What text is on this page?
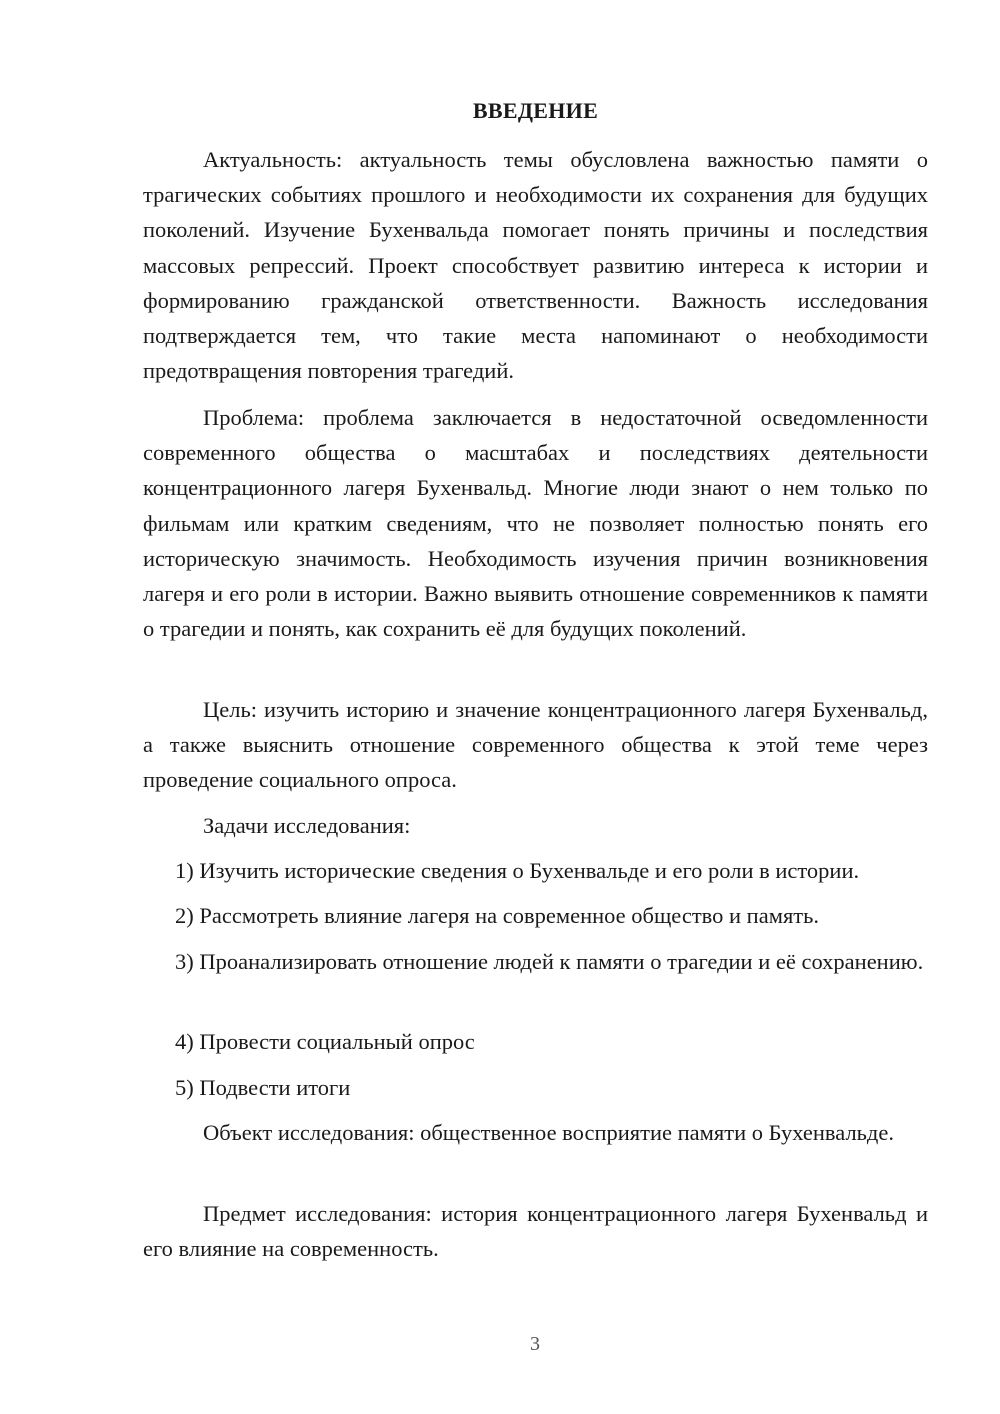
ВВЕДЕНИЕ

Актуальность: актуальность темы обусловлена важностью памяти о трагических событиях прошлого и необходимости их сохранения для будущих поколений. Изучение Бухенвальда помогает понять причины и последствия массовых репрессий. Проект способствует развитию интереса к истории и формированию гражданской ответственности. Важность исследования подтверждается тем, что такие места напоминают о необходимости предотвращения повторения трагедий.

Проблема: проблема заключается в недостаточной осведомленности современного общества о масштабах и последствиях деятельности концентрационного лагеря Бухенвальд. Многие люди знают о нем только по фильмам или кратким сведениям, что не позволяет полностью понять его историческую значимость. Необходимость изучения причин возникновения лагеря и его роли в истории. Важно выявить отношение современников к памяти о трагедии и понять, как сохранить её для будущих поколений.

Цель: изучить историю и значение концентрационного лагеря Бухенвальд, а также выяснить отношение современного общества к этой теме через проведение социального опроса.

Задачи исследования:

1) Изучить исторические сведения о Бухенвальде и его роли в истории.

2) Рассмотреть влияние лагеря на современное общество и память.

3) Проанализировать отношение людей к памяти о трагедии и её сохранению.

4) Провести социальный опрос

5) Подвести итоги

Объект исследования: общественное восприятие памяти о Бухенвальде.

Предмет исследования: история концентрационного лагеря Бухенвальд и его влияние на современность.

3
